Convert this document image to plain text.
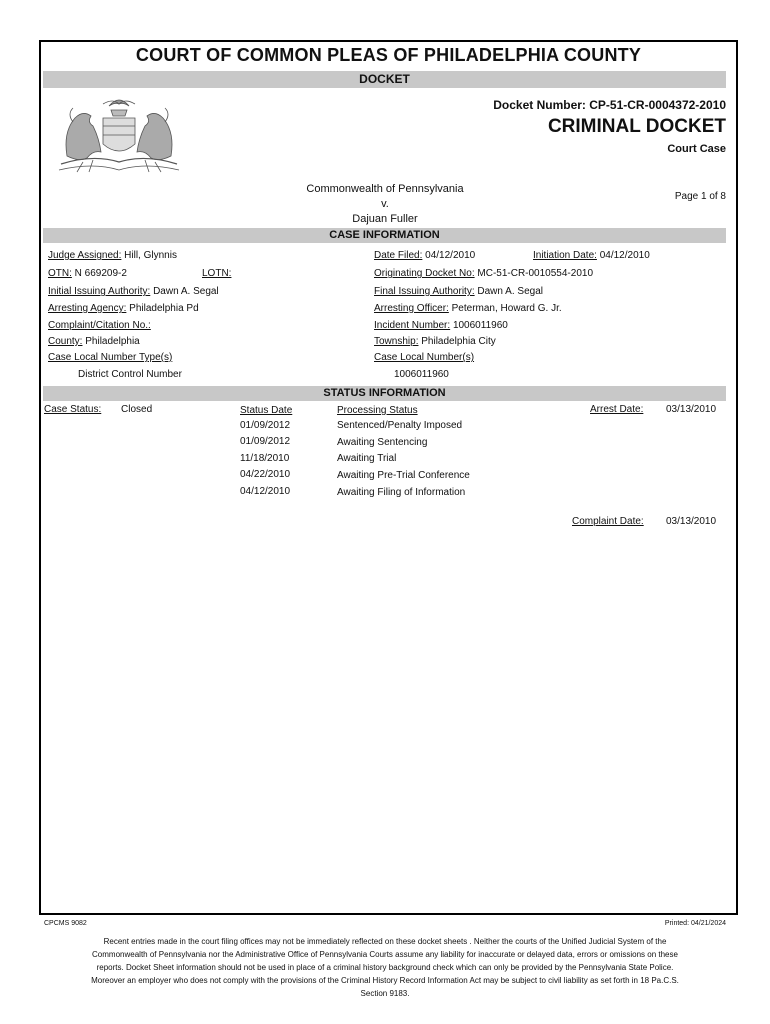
COURT OF COMMON PLEAS OF PHILADELPHIA COUNTY
DOCKET
Docket Number: CP-51-CR-0004372-2010
CRIMINAL DOCKET
Court Case
Commonwealth of Pennsylvania
v.
Dajuan Fuller
Page 1 of 8
CASE INFORMATION
Judge Assigned: Hill, Glynnis
OTN: N 669209-2	LOTN:
Initial Issuing Authority: Dawn A. Segal
Arresting Agency: Philadelphia Pd
Complaint/Citation No.:
County: Philadelphia
Case Local Number Type(s)
District Control Number
Date Filed: 04/12/2010	Initiation Date: 04/12/2010
Originating Docket No: MC-51-CR-0010554-2010
Final Issuing Authority: Dawn A. Segal
Arresting Officer: Peterman, Howard G. Jr.
Incident Number: 1006011960
Township: Philadelphia City
Case Local Number(s)
1006011960
STATUS INFORMATION
Case Status: Closed	Status Date	Processing Status
01/09/2012	Sentenced/Penalty Imposed
01/09/2012	Awaiting Sentencing
11/18/2010	Awaiting Trial
04/22/2010	Awaiting Pre-Trial Conference
04/12/2010	Awaiting Filing of Information
Arrest Date: 03/13/2010
Complaint Date: 03/13/2010
CPCMS 9082	Printed: 04/21/2024
Recent entries made in the court filing offices may not be immediately reflected on these docket sheets . Neither the courts of the Unified Judicial System of the Commonwealth of Pennsylvania nor the Administrative Office of Pennsylvania Courts assume any liability for inaccurate or delayed data, errors or omissions on these reports. Docket Sheet information should not be used in place of a criminal history background check which can only be provided by the Pennsylvania State Police. Moreover an employer who does not comply with the provisions of the Criminal History Record Information Act may be subject to civil liability as set forth in 18 Pa.C.S. Section 9183.
